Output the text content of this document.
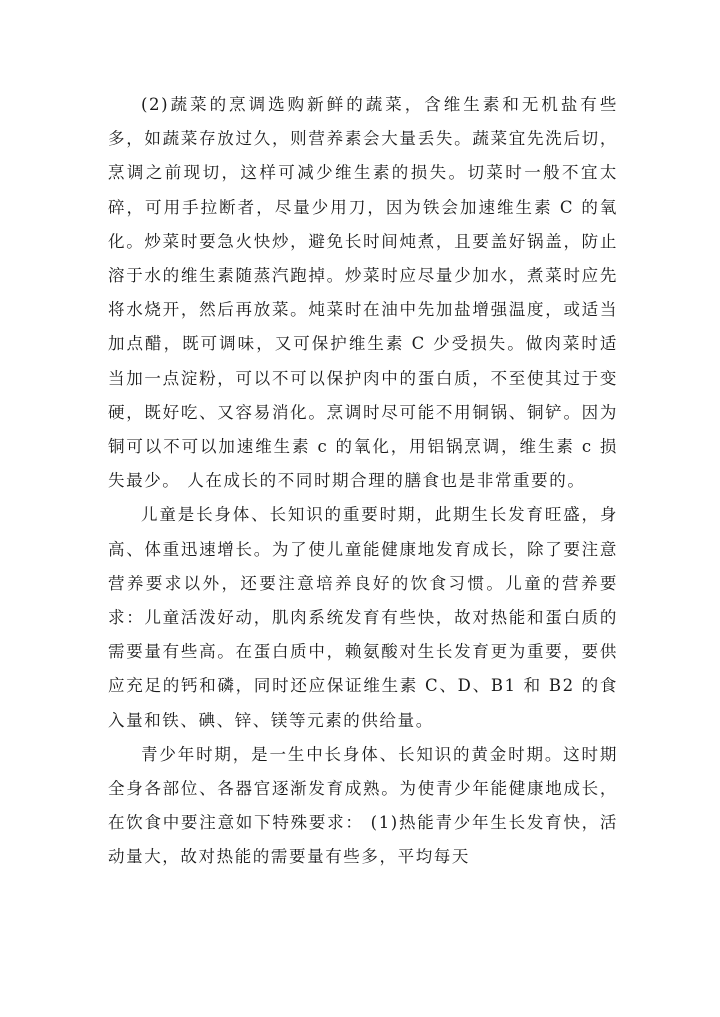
(2)蔬菜的烹调选购新鲜的蔬菜，含维生素和无机盐有些多，如蔬菜存放过久，则营养素会大量丢失。蔬菜宜先洗后切，烹调之前现切，这样可减少维生素的损失。切菜时一般不宜太碎，可用手拉断者，尽量少用刀，因为铁会加速维生素 C 的氧化。炒菜时要急火快炒，避免长时间炖煮，且要盖好锅盖，防止溶于水的维生素随蒸汽跑掉。炒菜时应尽量少加水，煮菜时应先将水烧开，然后再放菜。炖菜时在油中先加盐增强温度，或适当加点醋，既可调味，又可保护维生素 C 少受损失。做肉菜时适当加一点淀粉，可以不可以保护肉中的蛋白质，不至使其过于变硬，既好吃、又容易消化。烹调时尽可能不用铜锅、铜铲。因为铜可以不可以加速维生素 c 的氧化，用铝锅烹调，维生素 c 损失最少。 人在成长的不同时期合理的膳食也是非常重要的。

儿童是长身体、长知识的重要时期，此期生长发育旺盛，身高、体重迅速增长。为了使儿童能健康地发育成长，除了要注意营养要求以外，还要注意培养良好的饮食习惯。儿童的营养要求：儿童活泼好动，肌肉系统发育有些快，故对热能和蛋白质的需要量有些高。在蛋白质中，赖氨酸对生长发育更为重要，要供应充足的钙和磷，同时还应保证维生素 C、D、B1 和 B2 的食入量和铁、碘、锌、镁等元素的供给量。

青少年时期，是一生中长身体、长知识的黄金时期。这时期全身各部位、各器官逐渐发育成熟。为使青少年能健康地成长，在饮食中要注意如下特殊要求： (1)热能青少年生长发育快，活动量大，故对热能的需要量有些多，平均每天
